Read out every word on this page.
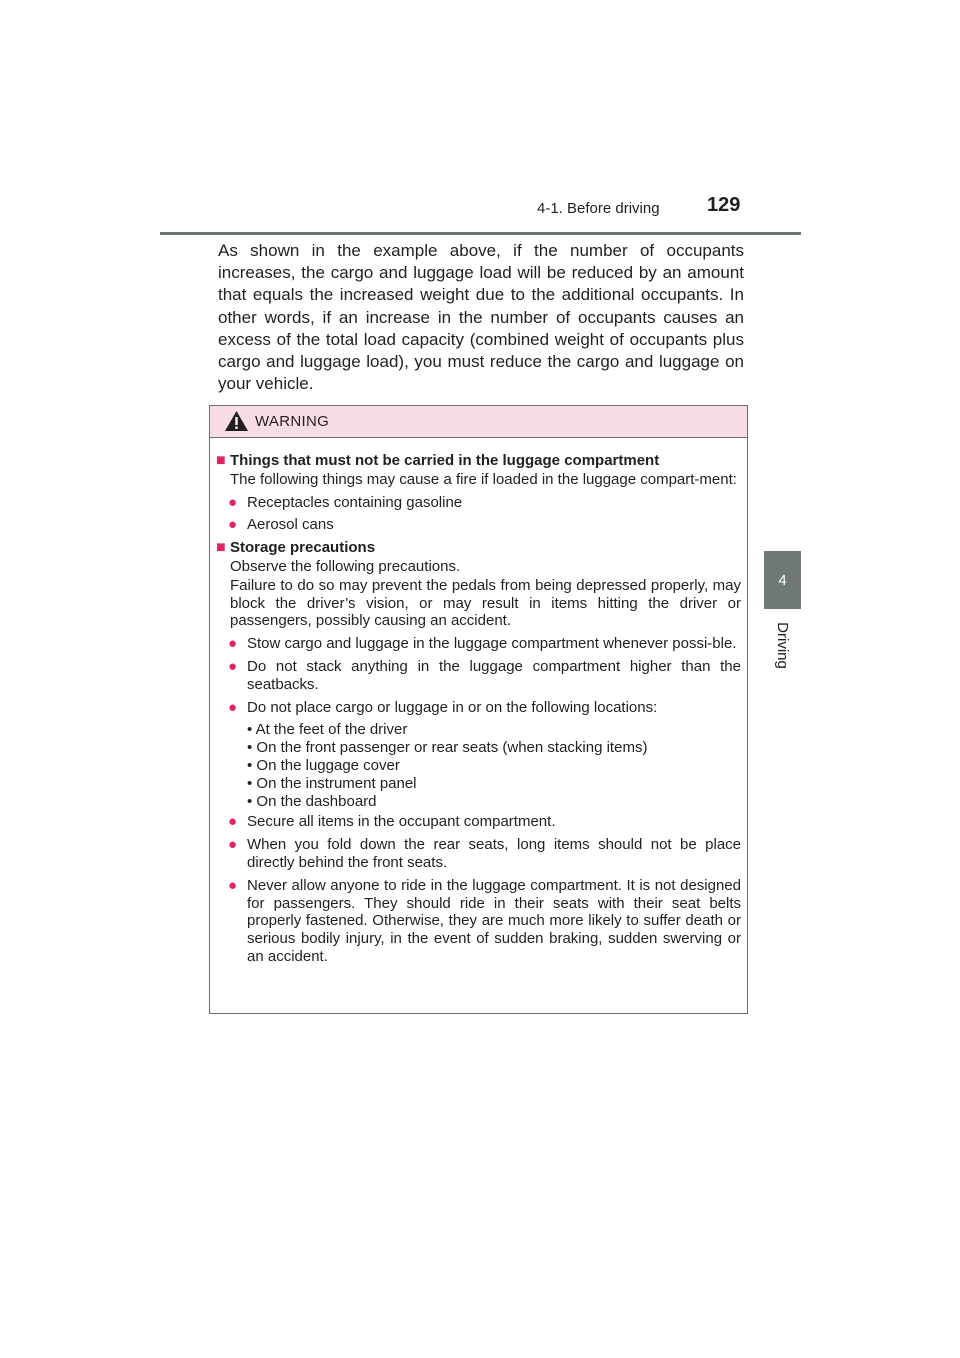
4-1. Before driving 129
4
Driving

As shown in the example above, if the number of occupants increases, the cargo and luggage load will be reduced by an amount that equals the increased weight due to the additional occupants. In other words, if an increase in the number of occupants causes an excess of the total load capacity (combined weight of occupants plus cargo and luggage load), you must reduce the cargo and luggage on your vehicle.

WARNING
■ Things that must not be carried in the luggage compartment
The following things may cause a fire if loaded in the luggage compart-ment:
● Receptacles containing gasoline
● Aerosol cans
■ Storage precautions
Observe the following precautions.
Failure to do so may prevent the pedals from being depressed properly, may block the driver’s vision, or may result in items hitting the driver or passengers, possibly causing an accident.
● Stow cargo and luggage in the luggage compartment whenever possi-ble.
● Do not stack anything in the luggage compartment higher than the seatbacks.
● Do not place cargo or luggage in or on the following locations:
• At the feet of the driver
• On the front passenger or rear seats (when stacking items)
• On the luggage cover
• On the instrument panel
• On the dashboard
● Secure all items in the occupant compartment.
● When you fold down the rear seats, long items should not be place directly behind the front seats.
● Never allow anyone to ride in the luggage compartment. It is not designed for passengers. They should ride in their seats with their seat belts properly fastened. Otherwise, they are much more likely to suffer death or serious bodily injury, in the event of sudden braking, sudden swerving or an accident.
